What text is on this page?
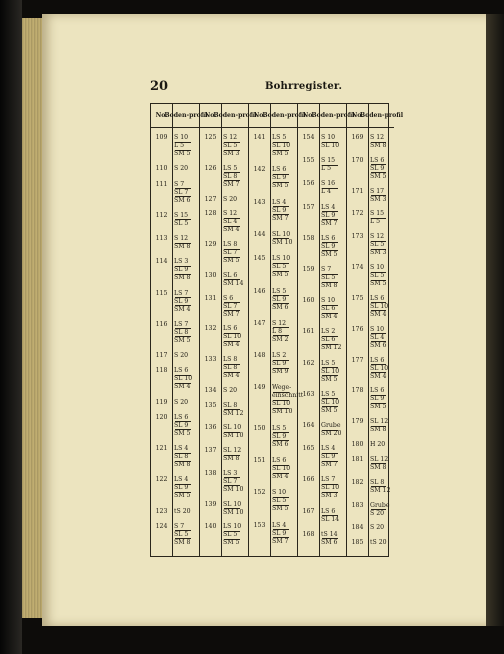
20	Bohrregister.
No.
109
110
111
112
113
114
115
116
117
118
119
120
121
122
123
124
Boden- profil
S 10
L 5
SM 5
S 20
S 7
SL 7
SM 6
S 15
SL 5
S 12
SM 8
LS 3
SL 9
SM 8
LS 7
SL 9
SM 4
LS 7
SL 8
SM 5
S 20
LS 6
SL 10
SM 4
S 20
LS 6
SL 9
SM 5
LS 4
SL 8
SM 8
LS 4
SL 9
SM 5
tS 20
S 7
SL 5
SM 8
No.
125
126
127
128
129
130
131
132
133
134
135
136
137
138
139
140
Boden- profil
S 12
SL 5
SM 3
LS 5
SL 8
SM 7
S 20
S 12
SL 4
SM 4
LS 8
SL 7
SM 5
SL 6
SM 14
S 6
SL 7
SM 7
LS 6
SL 10
SM 4
LS 8
SL 8
SM 4
S 20
SL 8
SM 12
SL 10
SM 10
SL 12
SM 8
LS 3
SL 7
SM 10
SL 10
SM 10
LS 10
SL 5
SM 5
No.
141
142
143
144
145
146
147
148
149
150
151
152
153
Boden- profil
LS 5
SL 10
SM 5
LS 6
SL 9
SM 5
LS 4
SL 9
SM 7
SL 10
SM 10
LS 10
SL 5
SM 5
LS 5
SL 9
SM 6
S 12
L 8
SM 2
LS 2
SL 9
SM 9
Wege-
einschnitt
SL 10
SM 10
LS 5
SL 9
SM 6
LS 6
SL 10
SM 4
S 10
SL 5
SM 5
LS 4
SL 9
SM 7
No.
154
155
156
157
158
159
160
161
162
163
164
165
166
167
168
Boden- profil
S 10
SL 10
S 15
L 5
S 16
L 4
LS 4
SL 9
SM 7
LS 6
SL 9
SM 5
S 7
SL 5
SM 8
S 10
SL 6
SM 4
LS 2
SL 6
SM 12
LS 5
SL 10
SM 5
LS 5
SL 10
SM 5
Grube
SM 20
LS 4
SL 9
SM 7
LS 7
SL 10
SM 3
LS 6
SL 14
tS 14
SM 6
No.
169
170
171
172
173
174
175
176
177
178
179
180
181
182
183
184
185
Boden- profil
S 12
SM 8
LS 6
SL 9
SM 5
S 17
SM 3
S 15
L 5
S 12
SL 5
SM 3
S 10
SL 5
SM 5
LS 6
SL 10
SM 4
S 10
SL 4
SM 6
LS 6
SL 10
SM 4
LS 6
SL 9
SM 5
SL 12
SM 8
H 20
SL 12
SM 8
SL 8
SM 12
Grube
S 20
S 20
tS 20
